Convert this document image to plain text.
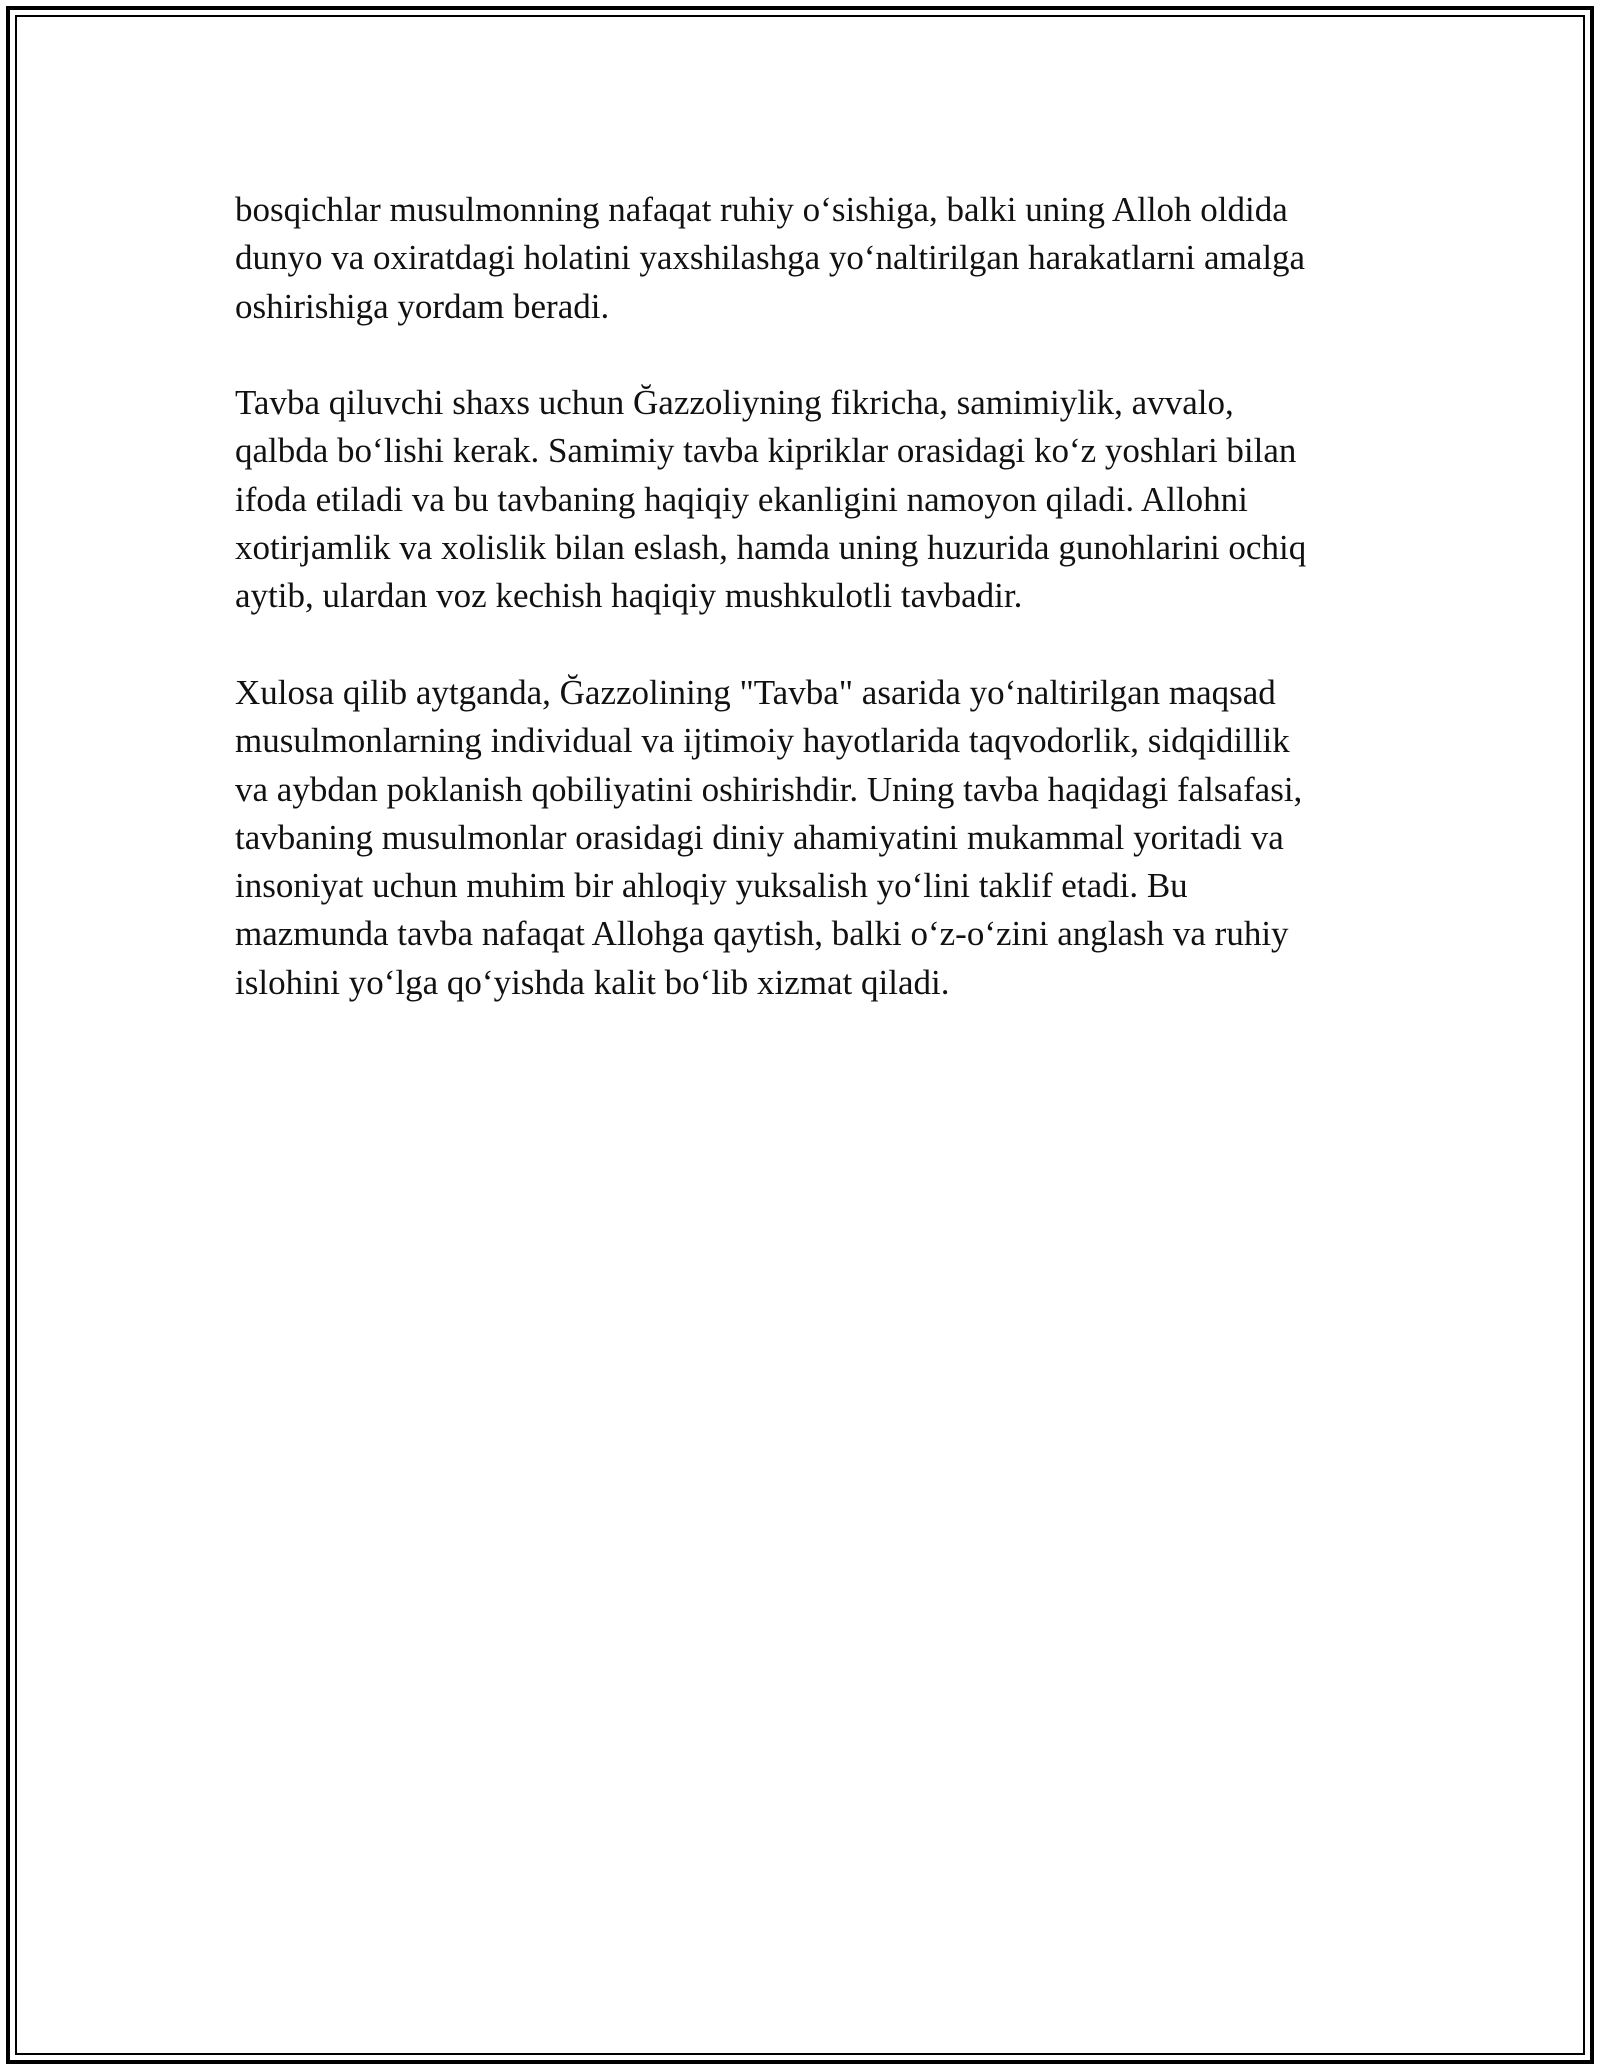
bosqichlar musulmonning nafaqat ruhiy o‘sishiga, balki uning Alloh oldida
dunyo va oxiratdagi holatini yaxshilashga yo‘naltirilgan harakatlarni amalga
oshirishiga yordam beradi.

Tavba qiluvchi shaxs uchun Ğazzoliyning fikricha, samimiylik, avvalo,
qalbda bo‘lishi kerak. Samimiy tavba kipriklar orasidagi ko‘z yoshlari bilan
ifoda etiladi va bu tavbaning haqiqiy ekanligini namoyon qiladi. Allohni
xotirjamlik va xolislik bilan eslash, hamda uning huzurida gunohlarini ochiq
aytib, ulardan voz kechish haqiqiy mushkulotli tavbadir.

Xulosa qilib aytganda, Ğazzolining "Tavba" asarida yo‘naltirilgan maqsad
musulmonlarning individual va ijtimoiy hayotlarida taqvodorlik, sidqidillik
va aybdan poklanish qobiliyatini oshirishdir. Uning tavba haqidagi falsafasi,
tavbaning musulmonlar orasidagi diniy ahamiyatini mukammal yoritadi va
insoniyat uchun muhim bir ahloqiy yuksalish yo‘lini taklif etadi. Bu
mazmunda tavba nafaqat Allohga qaytish, balki o‘z-o‘zini anglash va ruhiy
islohini yo‘lga qo‘yishda kalit bo‘lib xizmat qiladi.
